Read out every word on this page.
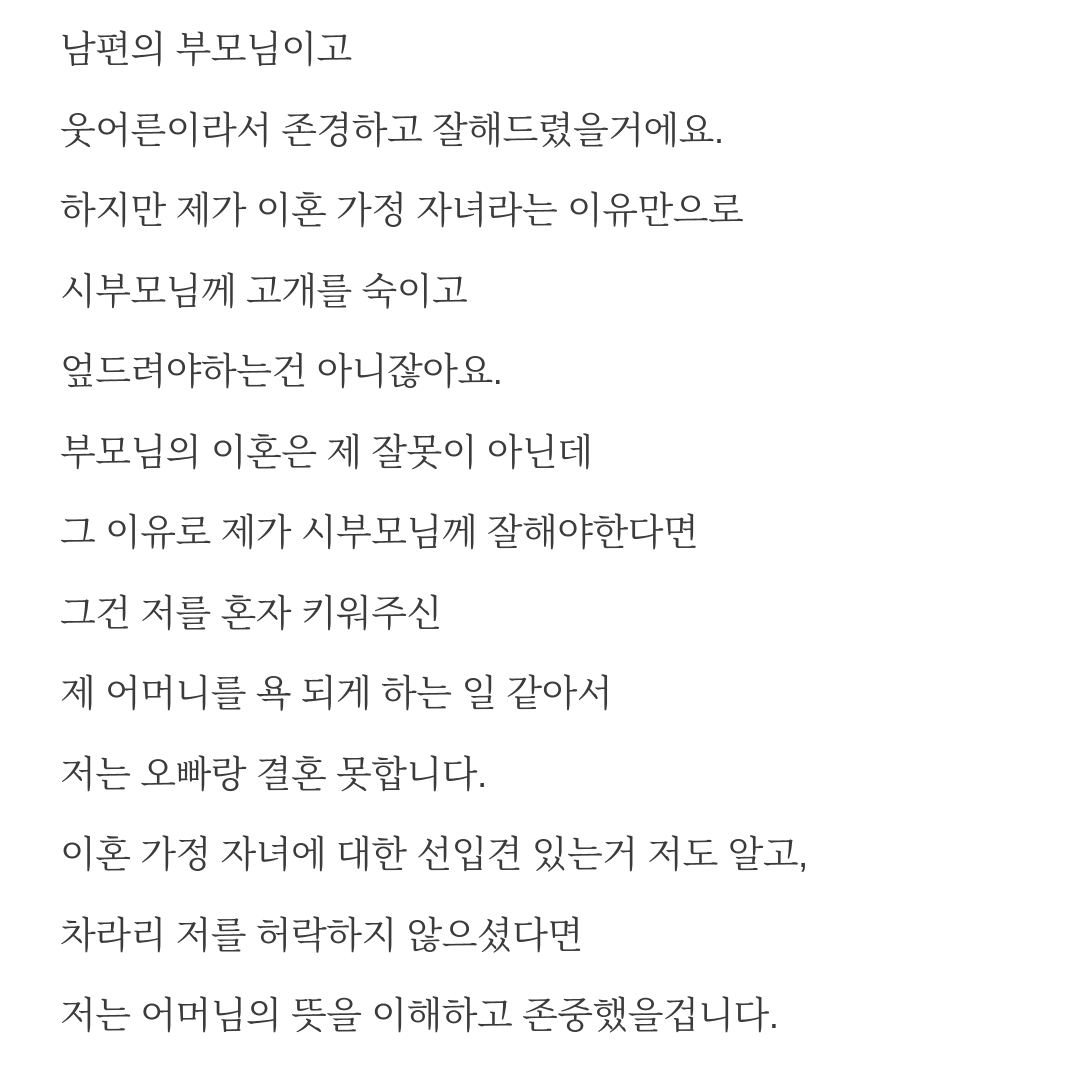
남편의 부모님이고

웃어른이라서 존경하고 잘해드렸을거에요.

하지만 제가 이혼 가정 자녀라는 이유만으로

시부모님께 고개를 숙이고

엎드려야하는건 아니잖아요.

부모님의 이혼은 제 잘못이 아닌데

그 이유로 제가 시부모님께 잘해야한다면

그건 저를 혼자 키워주신

제 어머니를 욕 되게 하는 일 같아서

저는 오빠랑 결혼 못합니다.

이혼 가정 자녀에 대한 선입견 있는거 저도 알고,

차라리 저를 허락하지 않으셨다면

저는 어머님의 뜻을 이해하고 존중했을겁니다.
